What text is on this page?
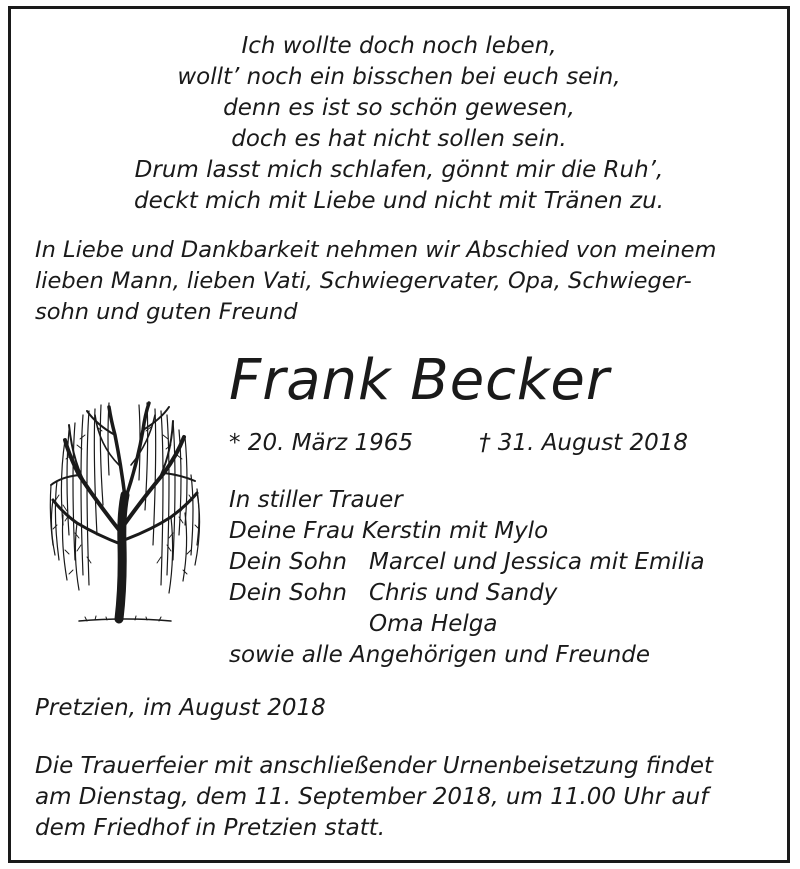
Ich wollte doch noch leben,
wollt’ noch ein bisschen bei euch sein,
denn es ist so schön gewesen,
doch es hat nicht sollen sein.
Drum lasst mich schlafen, gönnt mir die Ruh’,
deckt mich mit Liebe und nicht mit Tränen zu.
In Liebe und Dankbarkeit nehmen wir Abschied von meinem
lieben Mann, lieben Vati, Schwiegervater, Opa, Schwieger-
sohn und guten Freund
Frank Becker
* 20. März 1965	† 31. August 2018
In stiller Trauer
Deine Frau Kerstin mit Mylo
Dein Sohn Marcel und Jessica mit Emilia
Dein Sohn Chris und Sandy
Oma Helga
sowie alle Angehörigen und Freunde
Pretzien, im August 2018
Die Trauerfeier mit anschließender Urnenbeisetzung findet
am Dienstag, dem 11. September 2018, um 11.00 Uhr auf
dem Friedhof in Pretzien statt.
